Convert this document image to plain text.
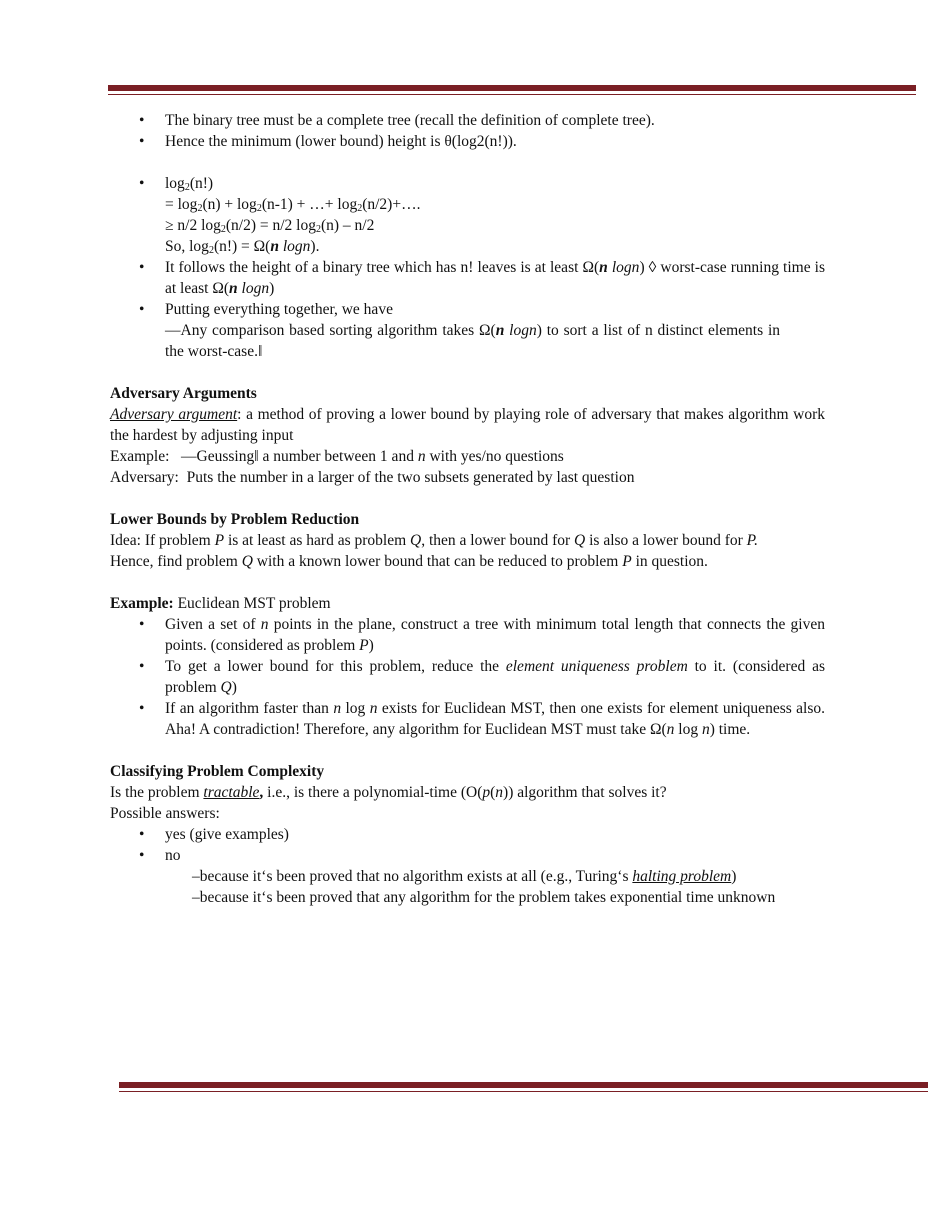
• The binary tree must be a complete tree (recall the definition of complete tree).
• Hence the minimum (lower bound) height is θ(log2(n!)).
• $\log_2(n!)$
= $\log_2(n) + \log_2(n-1)$ + …+ $\log_2(n/2)+\dots$.
≥ n/2 $\log_2(n/2) = n/2$ $\log_2(n) - n/2$
So, $\log_2(n!) = \Omega(n$ logn).
• It follows the height of a binary tree which has n! leaves is at least Ω(n logn) ◊ worst-case running time is at least Ω(n logn)
• Putting everything together, we have
―Any comparison based sorting algorithm takes Ω(n logn) to sort a list of n distinct elements in the worst-case.‖
Adversary Arguments
Adversary argument: a method of proving a lower bound by playing role of adversary that makes algorithm work the hardest by adjusting input
Example:   ―Geussing‖ a number between 1 and n with yes/no questions
Adversary:  Puts the number in a larger of the two subsets generated by last question
Lower Bounds by Problem Reduction
Idea: If problem P is at least as hard as problem Q, then a lower bound for Q is also a lower bound for P.
Hence, find problem Q with a known lower bound that can be reduced to problem P in question.
Example: Euclidean MST problem
• Given a set of n points in the plane, construct a tree with minimum total length that connects the given points. (considered as problem P)
• To get a lower bound for this problem, reduce the element uniqueness problem to it. (considered as problem Q)
• If an algorithm faster than n log n exists for Euclidean MST, then one exists for element uniqueness also. Aha! A contradiction! Therefore, any algorithm for Euclidean MST must take Ω(n log n) time.
Classifying Problem Complexity
Is the problem tractable, i.e., is there a polynomial-time (O(p(n)) algorithm that solves it?
Possible answers:
• yes (give examples)
• no
–because it‘s been proved that no algorithm exists at all (e.g., Turing‘s halting problem)
–because it‘s been proved that any algorithm for the problem takes exponential time unknown
